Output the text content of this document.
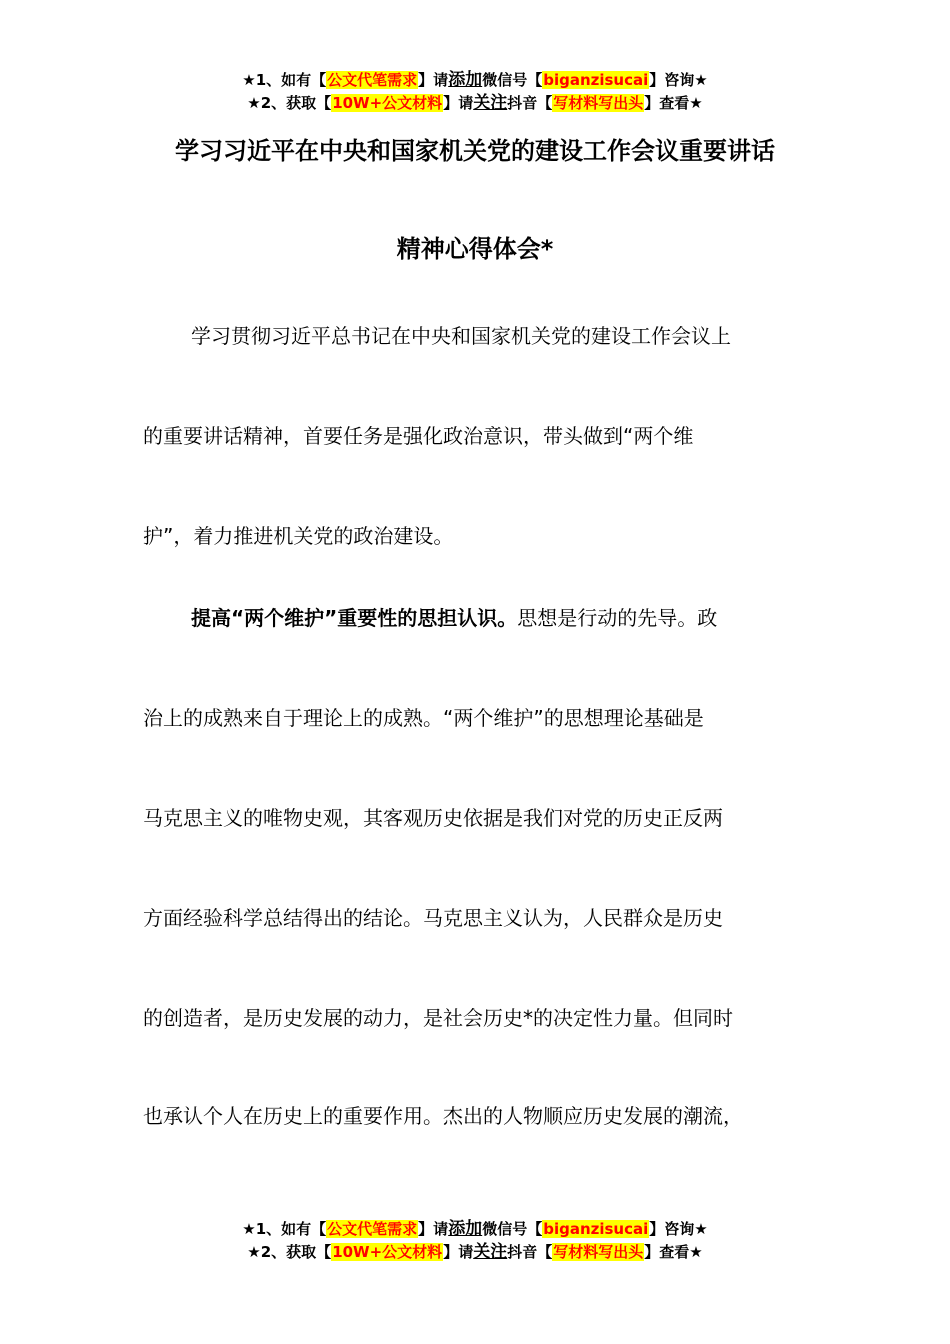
★1、如有【公文代笔需求】请添加微信号【biganzisucai】咨询★
★2、获取【10W+公文材料】请关注抖音【写材料写出头】查看★
学习习近平在中央和国家机关党的建设工作会议重要讲话
精神心得体会*
学习贯彻习近平总书记在中央和国家机关党的建设工作会议上
的重要讲话精神，首要任务是强化政治意识，带头做到“两个维
护”，着力推进机关党的政治建设。
提高“两个维护”重要性的思担认识。思想是行动的先导。政
治上的成熟来自于理论上的成熟。“两个维护”的思想理论基础是
马克思主义的唯物史观，其客观历史依据是我们对党的历史正反两
方面经验科学总结得出的结论。马克思主义认为，人民群众是历史
的创造者，是历史发展的动力，是社会历史*的决定性力量。但同时
也承认个人在历史上的重要作用。杰出的人物顺应历史发展的潮流，
★1、如有【公文代笔需求】请添加微信号【biganzisucai】咨询★
★2、获取【10W+公文材料】请关注抖音【写材料写出头】查看★
